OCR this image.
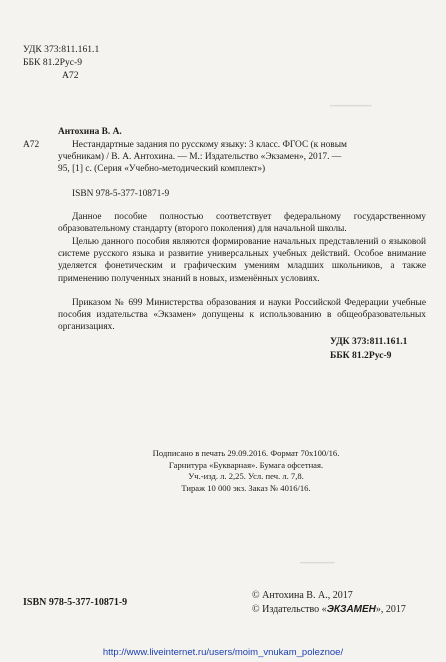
▁▁▁▁▁▁
▁▁▁▁▁

УДК 373:811.161.1

ББК 81.2Рус-9

А72

Антохина В. А.

А72	Нестандартные задания по русскому языку: 3 класс. ФГОС (к новым

учебникам) / В. А. Антохина. — М.: Издательство «Экзамен», 2017. —

95, [1] с. (Серия «Учебно-методический комплект»)

ISBN 978-5-377-10871-9

Данное пособие полностью соответствует федеральному государственному образовательному стандарту (второго поколения) для начальной школы.

Целью данного пособия являются формирование начальных представлений о языковой системе русского языка и развитие универсальных учебных действий. Особое внимание уделяется фонетическим и графическим умениям младших школьников, а также применению полученных знаний в новых, изменённых условиях.

Приказом № 699 Министерства образования и науки Российской Федерации учебные пособия издательства «Экзамен» допущены к использованию в общеобразовательных организациях.

УДК 373:811.161.1

ББК 81.2Рус-9

Подписано в печать 29.09.2016. Формат 70x100/16.
Гарнитура «Букварная». Бумага офсетная.
Уч.-изд. л. 2,25. Усл. печ. л. 7,8.
Тираж 10 000 экз. Заказ № 4016/16.

ISBN 978-5-377-10871-9

© Антохина В. А., 2017

© Издательство «ЭКЗАМЕН», 2017

http://www.liveinternet.ru/users/moim_vnukam_poleznoe/
